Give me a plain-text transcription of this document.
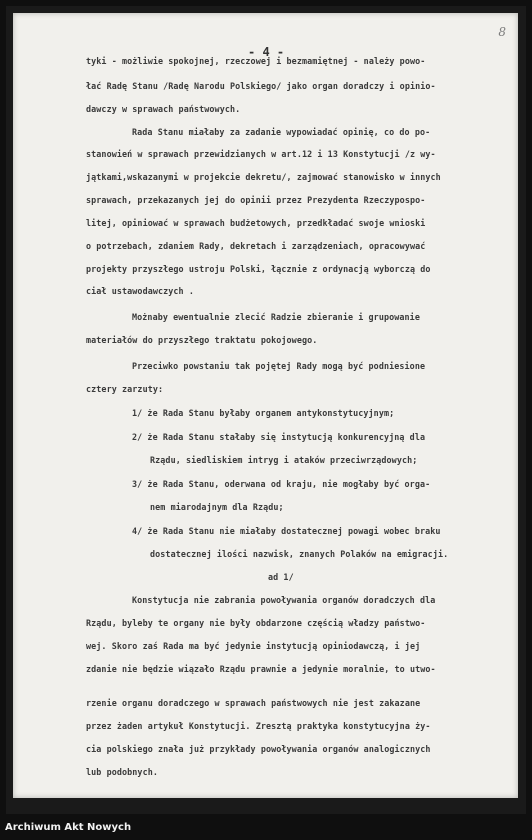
8
- 4 -
tyki - możliwie spokojnej, rzeczowej i bezmamiętnej - należy powo-
łać Radę Stanu /Radę Narodu Polskiego/ jako organ doradczy i opinio-
dawczy w sprawach państwowych.
Rada Stanu miałaby za zadanie wypowiadać opinię, co do po-
stanowień w sprawach przewidzianych w art.12 i 13 Konstytucji /z wy-
jątkami,wskazanymi w projekcie dekretu/, zajmować stanowisko w innych
sprawach, przekazanych jej do opinii przez Prezydenta Rzeczypospo-
litej, opiniować w sprawach budżetowych, przedkładać swoje wnioski
o potrzebach, zdaniem Rady, dekretach i zarządzeniach, opracowywać
projekty przyszłego ustroju Polski, łącznie z ordynacją wyborczą do
ciał ustawodawczych .
Możnaby ewentualnie zlecić Radzie zbieranie i grupowanie
materiałów do przyszłego traktatu pokojowego.
Przeciwko powstaniu tak pojętej Rady mogą być podniesione
cztery zarzuty:
1/ że Rada Stanu byłaby organem antykonstytucyjnym;
2/ że Rada Stanu stałaby się instytucją konkurencyjną dla
Rządu, siedliskiem intryg i ataków przeciwrządowych;
3/ że Rada Stanu, oderwana od kraju, nie mogłaby być orga-
nem miarodajnym dla Rządu;
4/ że Rada Stanu nie miałaby dostatecznej powagi wobec braku
dostatecznej ilości nazwisk, znanych Polaków na emigracji.
ad 1/
Konstytucja nie zabrania powoływania organów doradczych dla
Rządu, byleby te organy nie były obdarzone częścią władzy państwo-
wej. Skoro zaś Rada ma być jedynie instytucją opiniodawczą, i jej
zdanie nie będzie wiązało Rządu prawnie a jedynie moralnie, to utwo-
rzenie organu doradczego w sprawach państwowych nie jest zakazane
przez żaden artykuł Konstytucji. Zresztą praktyka konstytucyjna ży-
cia polskiego znała już przykłady powoływania organów analogicznych
lub podobnych.
Archiwum Akt Nowych
